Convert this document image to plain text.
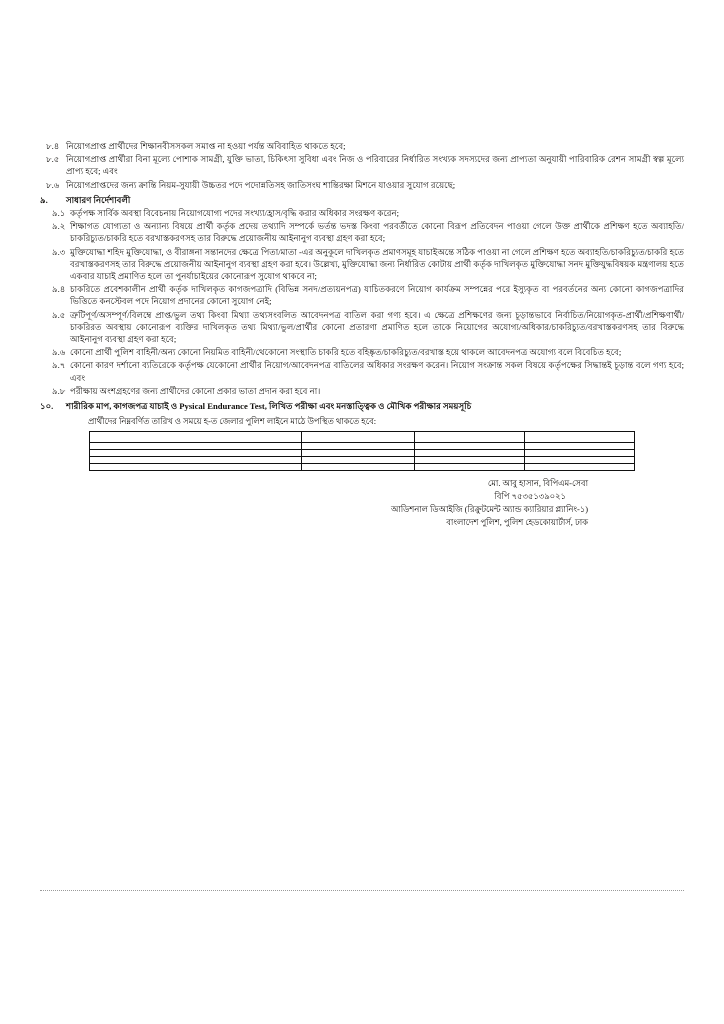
৮.৪ নিয়োগপ্রাপ্ত প্রার্থীদের শিক্ষানবীসসকল সমাপ্ত না হওয়া পর্যন্ত অবিবাহিত থাকতে হবে;
৮.৫ নিয়োগপ্রাপ্ত প্রার্থীরা বিনা মূল্যে পোশাক সামগ্রী, যুক্তি ভাতা, চিকিৎসা সুবিধা এবং নিজ ও পরিবারের নির্ধারিত সংখ্যক সদস্যদের জন্য প্রাপ্যতা অনুযায়ী পারিবারিক রেশন সামগ্রী স্বল্প মূল্যে প্রাপ্য হবে; এবং
৮.৬ নিয়োগপ্রাপ্তদের জন্য ক্রান্তি নিয়ম-সুযায়ী উচ্চতর পদে পদোন্নতিসহ জাতিসংঘ শান্তিরক্ষা মিশনে যাওয়ার সুযোগ রয়েছে;
৯.	সাধারণ নির্দেশাবলী
৯.১ কর্তৃপক্ষ সার্বিক অবস্থা বিবেচনায় নিয়োগযোগ্য পদের সংখ্যা/হ্রাস/বৃদ্ধি করার অধিকার সংরক্ষণ করেন;
৯.২ শিক্ষাগত যোগ্যতা ও অন্যান্য বিষয়ে প্রার্থী কর্তৃক প্রদেয় তথ্যাদি সম্পর্কে ভর্তন্ত ভদস্ত কিংবা পরবর্তীতে কোনো বিরূপ প্রতিবেদন পাওয়া গেলে উক্ত প্রার্থীকে প্রশিক্ষণ হতে অব্যাহতি/চাকরিচ্যুত/চাকরি হতে বরখাস্তকরণসহ তার বিরুদ্ধে প্রয়োজনীয় আইনানুগ ব্যবস্থা গ্রহণ করা হবে;
৯.৩ মুক্তিযোদ্ধা শহিদ মুক্তিযোদ্ধা, ও বীরাঙ্গনা সন্তানদের ক্ষেত্রে পিতা/মাতা -এর অনুকূলে দাখিলকৃত প্রমাণসমূহ যাচাইঅন্তে সঠিক পাওয়া না গেলে প্রশিক্ষণ হতে অব্যাহতি/চাকরিচ্যুত/চাকরি হতে বরখাস্তকরণসহ তার বিরুদ্ধে প্রয়োজনীয় আইনানুগ ব্যবস্থা গ্রহণ করা হবে। উল্লেখ্য, মুক্তিযোদ্ধা জন্য নির্ধারিত কোটায় প্রার্থী কর্তৃক দাখিলকৃত মুক্তিযোদ্ধা সনদ মুক্তিযুদ্ধবিষয়ক মন্ত্রণালয় হতে একবার যাচাই প্রমাণিত হলে তা পুনর্যাচাইয়ের কোনোরূপ সুযোগ থাকবে না;
৯.৪ চাকরিতে প্রবেশকালীন প্রার্থী কর্তৃক দাখিলকৃত কাগজপত্রাদি (বিভিন্ন সনদ/প্রত্যয়নপত্র) যাচিতকরণে নিয়োগ কার্যক্রম সম্পন্নের পরে ইস্যুকৃত বা পরবর্তনের অন্য কোনো কাগজপত্রাদির ভিত্তিতে কনস্টেবল পদে নিয়োগ প্রদানের কোনো সুযোগ নেই;
৯.৫ ত্রুটিপূর্ণ/অসম্পূর্ণ/বিলম্বে প্রাপ্ত/ভুল তথ্য কিংবা মিথ্যা তথ্যসংবলিত আবেদনপত্র বাতিল করা গণ্য হবে। এ ক্ষেত্রে প্রশিক্ষণের জন্য চূড়ান্তভাবে নির্বাচিত/নিয়োগকৃত-প্রার্থী/প্রশিক্ষণার্থী/চাকরিরত অবস্থায় কোনোরূপ ব্যক্তির দাখিলকৃত তথ্য মিথ্যা/ভুল/প্রার্থীর কোনো প্রতারণা প্রমাণিত হলে তাকে নিয়োগের অযোগ্য/অধিকার/চাকরিচ্যুত/বরখাস্তকরণসহ তার বিরুদ্ধে আইনানুগ ব্যবস্থা গ্রহণ করা হবে;
৯.৬ কোনো প্রার্থী পুলিশ বাহিনী/অন্য কোনো নিয়মিত বাহিনী/থেকোনো সংস্থাতি চাকরি হতে বহিষ্কৃত/চাকরিচ্যুত/বরখাস্ত হয়ে থাকলে আবেদনপত্র অযোগ্য বলে বিবেচিত হবে;
৯.৭ কোনো কারণ দর্শানো ব্যতিরেকে কর্তৃপক্ষ যেকোনো প্রার্থীর নিয়োগ/আবেদনপত্র বাতিলের অধিকার সংরক্ষণ করেন। নিয়োগ সংক্রান্ত সকল বিষয়ে কর্তৃপক্ষের সিদ্ধান্তই চূড়ান্ত বলে গণ্য হবে; এবং
৯.৮ পরীক্ষায় অংশগ্রহণের জন্য প্রার্থীদের কোনো প্রকার ভাতা প্রদান করা হবে না।
১০.	শারীরিক মাপ, কাগজপত্র যাচাই ও Pysical Endurance Test, লিখিত পরীক্ষা এবং মনস্তাত্ত্বিক ও মৌখিক পরীক্ষার সময়সূচি
প্রার্থীদের নিম্নবর্ণিত তারিখ ও সময়ে হ-ত জেলার পুলিশ লাইনে মাঠে উপস্থিত থাকতে হবে:

মো. আবু হাসান, বিপিএম-সেবা
বিপি ৭৫৩৫১৩৯০২১
আডিশনাল ডিআইজি (রিক্রুটমেন্ট অ্যান্ড ক্যারিয়ার প্ল্যানিং-১)
বাংলাদেশ পুলিশ, পুলিশ হেডকোয়ার্টার্স, ঢাক
